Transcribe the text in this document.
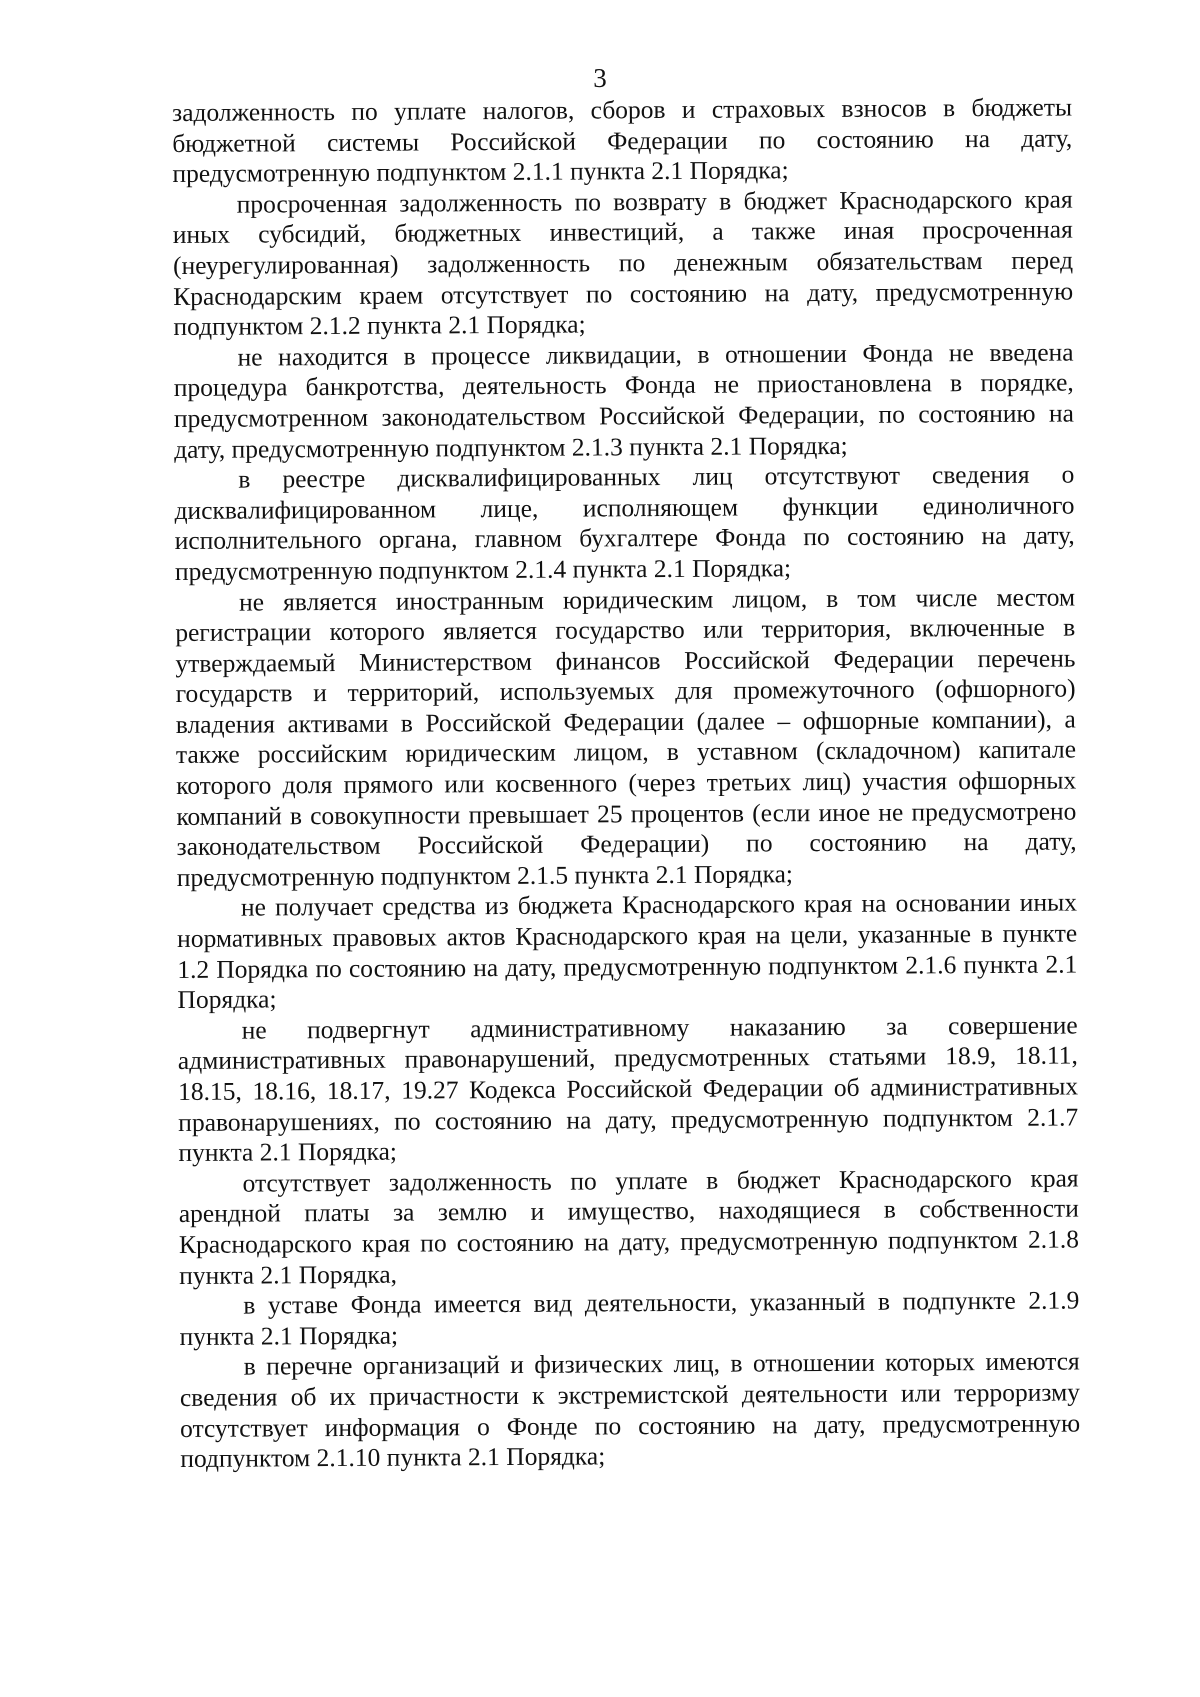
3

задолженность по уплате налогов, сборов и страховых взносов в бюджеты бюджетной системы Российской Федерации по состоянию на дату, предусмотренную подпунктом 2.1.1 пункта 2.1 Порядка;

просроченная задолженность по возврату в бюджет Краснодарского края иных субсидий, бюджетных инвестиций, а также иная просроченная (неурегулированная) задолженность по денежным обязательствам перед Краснодарским краем отсутствует по состоянию на дату, предусмотренную подпунктом 2.1.2 пункта 2.1 Порядка;

не находится в процессе ликвидации, в отношении Фонда не введена процедура банкротства, деятельность Фонда не приостановлена в порядке, предусмотренном законодательством Российской Федерации, по состоянию на дату, предусмотренную подпунктом 2.1.3 пункта 2.1 Порядка;

в реестре дисквалифицированных лиц отсутствуют сведения о дисквалифицированном лице, исполняющем функции единоличного исполнительного органа, главном бухгалтере Фонда по состоянию на дату, предусмотренную подпунктом 2.1.4 пункта 2.1 Порядка;

не является иностранным юридическим лицом, в том числе местом регистрации которого является государство или территория, включенные в утверждаемый Министерством финансов Российской Федерации перечень государств и территорий, используемых для промежуточного (офшорного) владения активами в Российской Федерации (далее – офшорные компании), а также российским юридическим лицом, в уставном (складочном) капитале которого доля прямого или косвенного (через третьих лиц) участия офшорных компаний в совокупности превышает 25 процентов (если иное не предусмотрено законодательством Российской Федерации) по состоянию на дату, предусмотренную подпунктом 2.1.5 пункта 2.1 Порядка;

не получает средства из бюджета Краснодарского края на основании иных нормативных правовых актов Краснодарского края на цели, указанные в пункте 1.2 Порядка по состоянию на дату, предусмотренную подпунктом 2.1.6 пункта 2.1 Порядка;

не подвергнут административному наказанию за совершение административных правонарушений, предусмотренных статьями 18.9, 18.11, 18.15, 18.16, 18.17, 19.27 Кодекса Российской Федерации об административных правонарушениях, по состоянию на дату, предусмотренную подпунктом 2.1.7 пункта 2.1 Порядка;

отсутствует задолженность по уплате в бюджет Краснодарского края арендной платы за землю и имущество, находящиеся в собственности Краснодарского края по состоянию на дату, предусмотренную подпунктом 2.1.8 пункта 2.1 Порядка,

в уставе Фонда имеется вид деятельности, указанный в подпункте 2.1.9 пункта 2.1 Порядка;

в перечне организаций и физических лиц, в отношении которых имеются сведения об их причастности к экстремистской деятельности или терроризму отсутствует информация о Фонде по состоянию на дату, предусмотренную подпунктом 2.1.10 пункта 2.1 Порядка;
